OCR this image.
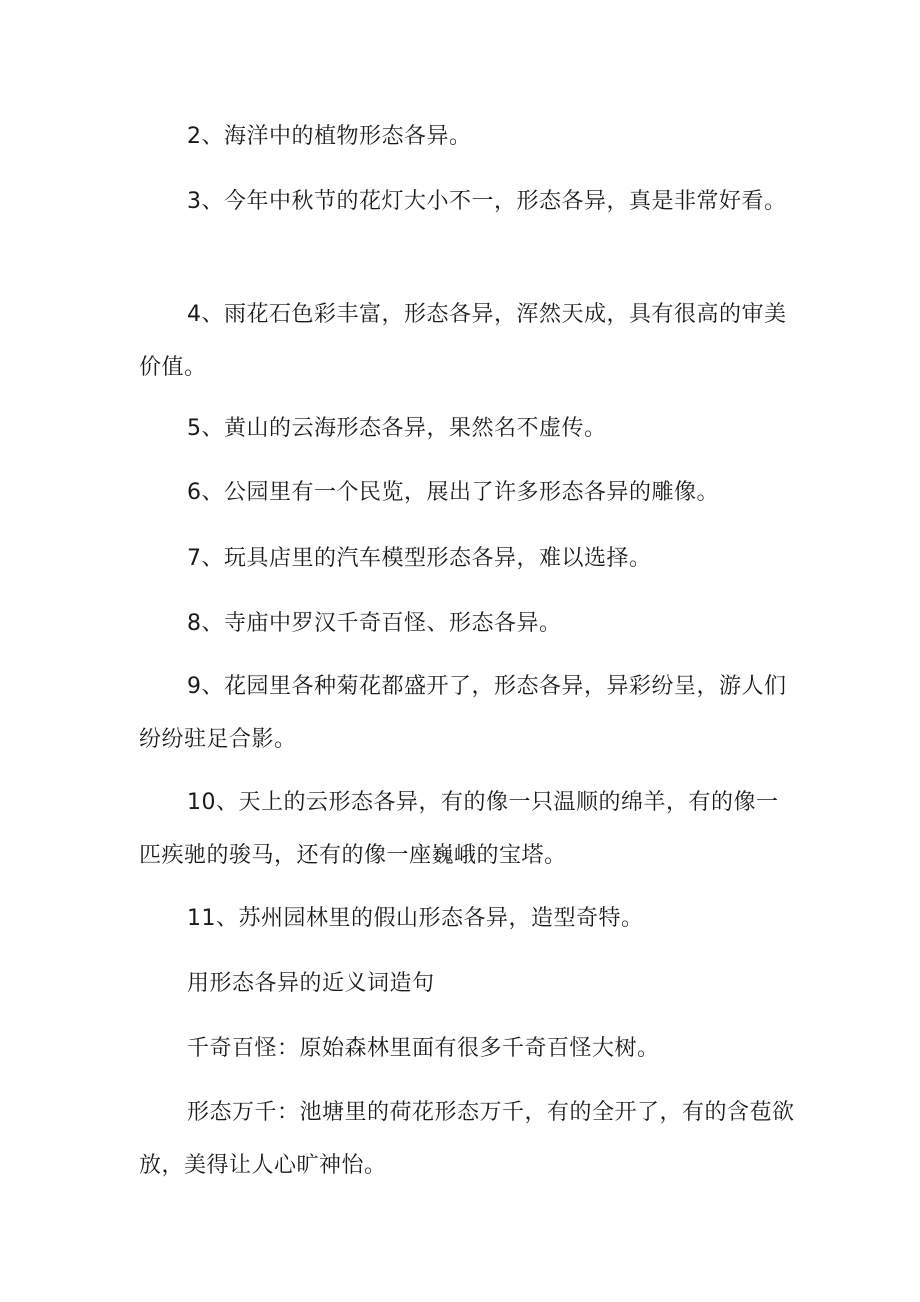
2、海洋中的植物形态各异。

3、今年中秋节的花灯大小不一，形态各异，真是非常好看。

4、雨花石色彩丰富，形态各异，浑然天成，具有很高的审美价值。

5、黄山的云海形态各异，果然名不虚传。

6、公园里有一个民览，展出了许多形态各异的雕像。

7、玩具店里的汽车模型形态各异，难以选择。

8、寺庙中罗汉千奇百怪、形态各异。

9、花园里各种菊花都盛开了，形态各异，异彩纷呈，游人们纷纷驻足合影。

10、天上的云形态各异，有的像一只温顺的绵羊，有的像一匹疾驰的骏马，还有的像一座巍峨的宝塔。

11、苏州园林里的假山形态各异，造型奇特。

用形态各异的近义词造句

千奇百怪：原始森林里面有很多千奇百怪大树。

形态万千：池塘里的荷花形态万千，有的全开了，有的含苞欲放，美得让人心旷神怡。
